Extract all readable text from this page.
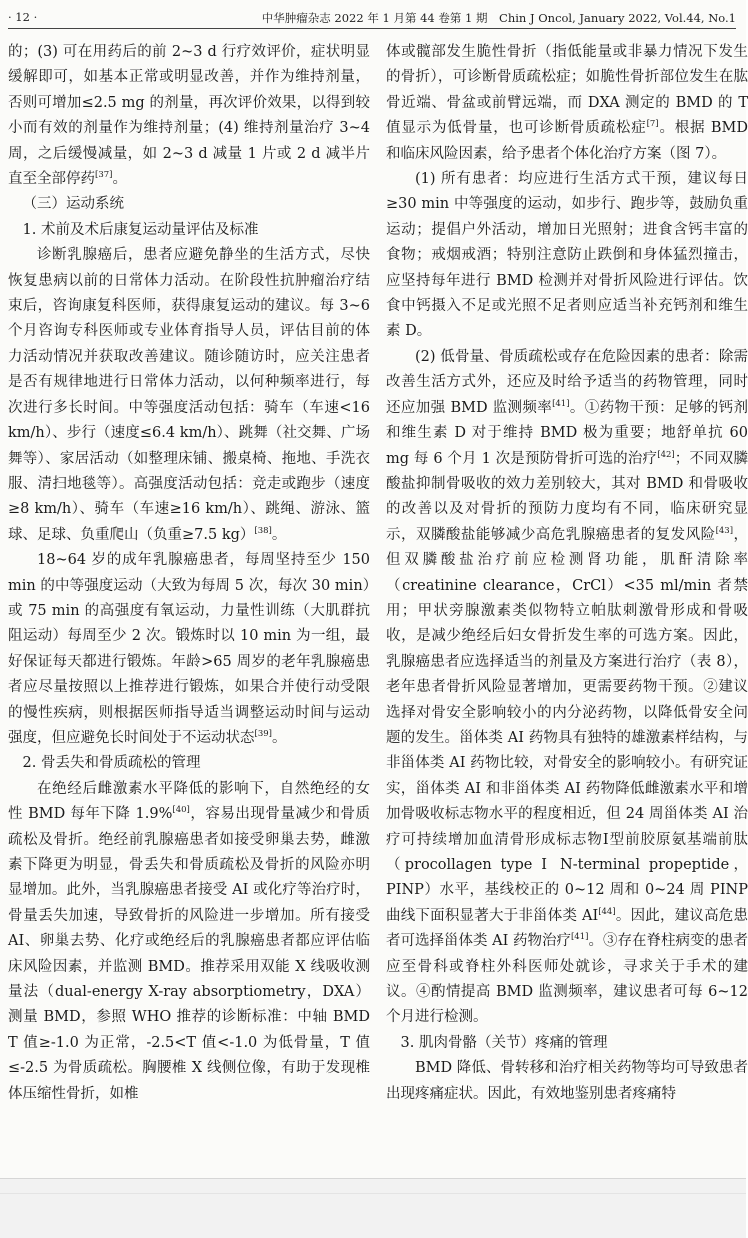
· 12 ·	中华肿瘤杂志 2022 年 1 月第 44 卷第 1 期　Chin J Oncol, January 2022, Vol.44, No.1

的；(3) 可在用药后的前 2~3 d 行疗效评价，症状明显缓解即可，如基本正常或明显改善，并作为维持剂量，否则可增加≤2.5 mg 的剂量，再次评价效果，以得到较小而有效的剂量作为维持剂量；(4) 维持剂量治疗 3~4 周，之后缓慢减量，如 2~3 d 减量 1 片或 2 d 减半片直至全部停药[37]。

（三）运动系统
1. 术前及术后康复运动量评估及标准

诊断乳腺癌后，患者应避免静坐的生活方式，尽快恢复患病以前的日常体力活动。在阶段性抗肿瘤治疗结束后，咨询康复科医师，获得康复运动的建议。每 3~6 个月咨询专科医师或专业体育指导人员，评估目前的体力活动情况并获取改善建议。随诊随访时，应关注患者是否有规律地进行日常体力活动，以何种频率进行，每次进行多长时间。中等强度活动包括：骑车（车速<16 km/h）、步行（速度≤6.4 km/h）、跳舞（社交舞、广场舞等）、家居活动（如整理床铺、搬桌椅、拖地、手洗衣服、清扫地毯等）。高强度活动包括：竞走或跑步（速度≥8 km/h）、骑车（车速≥16 km/h）、跳绳、游泳、篮球、足球、负重爬山（负重≥7.5 kg）[38]。

18~64 岁的成年乳腺癌患者，每周坚持至少 150 min 的中等强度运动（大致为每周 5 次，每次 30 min）或 75 min 的高强度有氧运动，力量性训练（大肌群抗阻运动）每周至少 2 次。锻炼时以 10 min 为一组，最好保证每天都进行锻炼。年龄>65 周岁的老年乳腺癌患者应尽量按照以上推荐进行锻炼，如果合并使行动受限的慢性疾病，则根据医师指导适当调整运动时间与运动强度，但应避免长时间处于不运动状态[39]。

2. 骨丢失和骨质疏松的管理

在绝经后雌激素水平降低的影响下，自然绝经的女性 BMD 每年下降 1.9%[40]，容易出现骨量减少和骨质疏松及骨折。绝经前乳腺癌患者如接受卵巢去势，雌激素下降更为明显，骨丢失和骨质疏松及骨折的风险亦明显增加。此外，当乳腺癌患者接受 AI 或化疗等治疗时，骨量丢失加速，导致骨折的风险进一步增加。所有接受 AI、卵巢去势、化疗或绝经后的乳腺癌患者都应评估临床风险因素，并监测 BMD。推荐采用双能 X 线吸收测量法（dual-energy X-ray absorptiometry，DXA）测量 BMD，参照 WHO 推荐的诊断标准：中轴 BMD T 值≥-1.0 为正常，-2.5<T 值<-1.0 为低骨量，T 值≤-2.5 为骨质疏松。胸腰椎 X 线侧位像，有助于发现椎体压缩性骨折，如椎

体或髋部发生脆性骨折（指低能量或非暴力情况下发生的骨折），可诊断骨质疏松症；如脆性骨折部位发生在肱骨近端、骨盆或前臂远端，而 DXA 测定的 BMD 的 T 值显示为低骨量，也可诊断骨质疏松症[7]。根据 BMD 和临床风险因素，给予患者个体化治疗方案（图 7）。

(1) 所有患者：均应进行生活方式干预，建议每日≥30 min 中等强度的运动，如步行、跑步等，鼓励负重运动；提倡户外活动，增加日光照射；进食含钙丰富的食物；戒烟戒酒；特别注意防止跌倒和身体猛烈撞击，应坚持每年进行 BMD 检测并对骨折风险进行评估。饮食中钙摄入不足或光照不足者则应适当补充钙剂和维生素 D。

(2) 低骨量、骨质疏松或存在危险因素的患者：除需改善生活方式外，还应及时给予适当的药物管理，同时还应加强 BMD 监测频率[41]。①药物干预：足够的钙剂和维生素 D 对于维持 BMD 极为重要；地舒单抗 60 mg 每 6 个月 1 次是预防骨折可选的治疗[42]；不同双膦酸盐抑制骨吸收的效力差别较大，其对 BMD 和骨吸收的改善以及对骨折的预防力度均有不同，临床研究显示，双膦酸盐能够减少高危乳腺癌患者的复发风险[43]，但双膦酸盐治疗前应检测肾功能，肌酐清除率（creatinine clearance，CrCl）<35 ml/min 者禁用；甲状旁腺激素类似物特立帕肽刺激骨形成和骨吸收，是减少绝经后妇女骨折发生率的可选方案。因此，乳腺癌患者应选择适当的剂量及方案进行治疗（表 8），老年患者骨折风险显著增加，更需要药物干预。②建议选择对骨安全影响较小的内分泌药物，以降低骨安全问题的发生。甾体类 AI 药物具有独特的雄激素样结构，与非甾体类 AI 药物比较，对骨安全的影响较小。有研究证实，甾体类 AI 和非甾体类 AI 药物降低雌激素水平和增加骨吸收标志物水平的程度相近，但 24 周甾体类 AI 治疗可持续增加血清骨形成标志物Ⅰ型前胶原氨基端前肽（procollagen type Ⅰ N-terminal propeptide，PINP）水平，基线校正的 0~12 周和 0~24 周 PINP 曲线下面积显著大于非甾体类 AI[44]。因此，建议高危患者可选择甾体类 AI 药物治疗[41]。③存在脊柱病变的患者应至骨科或脊柱外科医师处就诊，寻求关于手术的建议。④酌情提高 BMD 监测频率，建议患者可每 6~12 个月进行检测。

3. 肌肉骨骼（关节）疼痛的管理

BMD 降低、骨转移和治疗相关药物等均可导致患者出现疼痛症状。因此，有效地鉴别患者疼痛特
